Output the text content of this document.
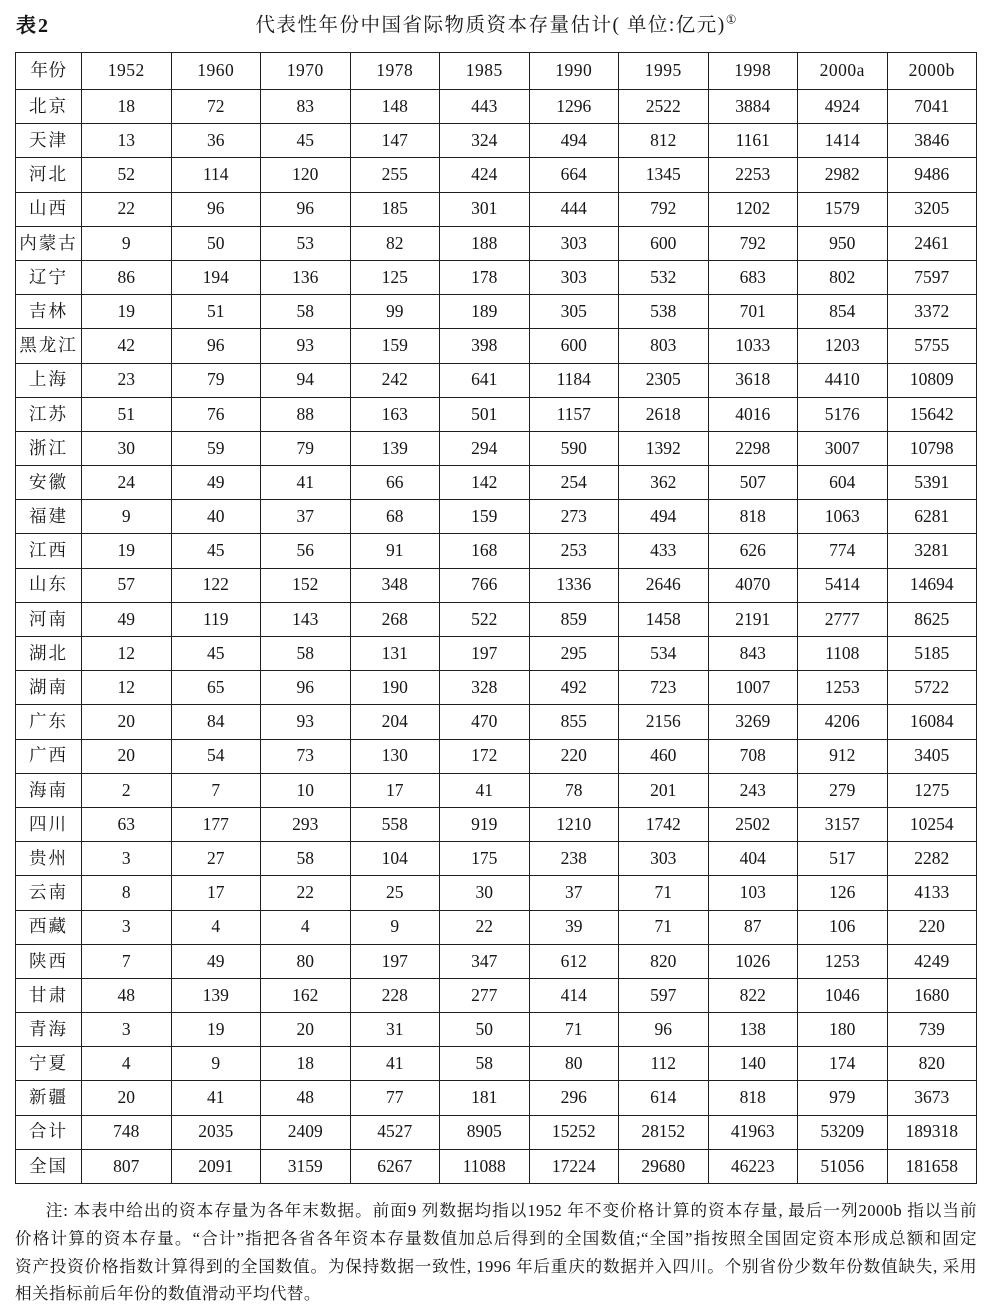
表2	代表性年份中国省际物质资本存量估计( 单位:亿元)①
年份	1952	1960	1970	1978	1985	1990	1995	1998	2000a	2000b
北京	18	72	83	148	443	1296	2522	3884	4924	7041
天津	13	36	45	147	324	494	812	1161	1414	3846
河北	52	114	120	255	424	664	1345	2253	2982	9486
山西	22	96	96	185	301	444	792	1202	1579	3205
内蒙古	9	50	53	82	188	303	600	792	950	2461
辽宁	86	194	136	125	178	303	532	683	802	7597
吉林	19	51	58	99	189	305	538	701	854	3372
黑龙江	42	96	93	159	398	600	803	1033	1203	5755
上海	23	79	94	242	641	1184	2305	3618	4410	10809
江苏	51	76	88	163	501	1157	2618	4016	5176	15642
浙江	30	59	79	139	294	590	1392	2298	3007	10798
安徽	24	49	41	66	142	254	362	507	604	5391
福建	9	40	37	68	159	273	494	818	1063	6281
江西	19	45	56	91	168	253	433	626	774	3281
山东	57	122	152	348	766	1336	2646	4070	5414	14694
河南	49	119	143	268	522	859	1458	2191	2777	8625
湖北	12	45	58	131	197	295	534	843	1108	5185
湖南	12	65	96	190	328	492	723	1007	1253	5722
广东	20	84	93	204	470	855	2156	3269	4206	16084
广西	20	54	73	130	172	220	460	708	912	3405
海南	2	7	10	17	41	78	201	243	279	1275
四川	63	177	293	558	919	1210	1742	2502	3157	10254
贵州	3	27	58	104	175	238	303	404	517	2282
云南	8	17	22	25	30	37	71	103	126	4133
西藏	3	4	4	9	22	39	71	87	106	220
陕西	7	49	80	197	347	612	820	1026	1253	4249
甘肃	48	139	162	228	277	414	597	822	1046	1680
青海	3	19	20	31	50	71	96	138	180	739
宁夏	4	9	18	41	58	80	112	140	174	820
新疆	20	41	48	77	181	296	614	818	979	3673
合计	748	2035	2409	4527	8905	15252	28152	41963	53209	189318
全国	807	2091	3159	6267	11088	17224	29680	46223	51056	181658
注: 本表中给出的资本存量为各年末数据。前面9 列数据均指以1952 年不变价格计算的资本存量, 最后一列2000b 指以当前
价格计算的资本存量。“合计”指把各省各年资本存量数值加总后得到的全国数值;“全国”指按照全国固定资本形成总额和固定
资产投资价格指数计算得到的全国数值。为保持数据一致性, 1996 年后重庆的数据并入四川。个别省份少数年份数值缺失, 采用
相关指标前后年份的数值滑动平均代替。
